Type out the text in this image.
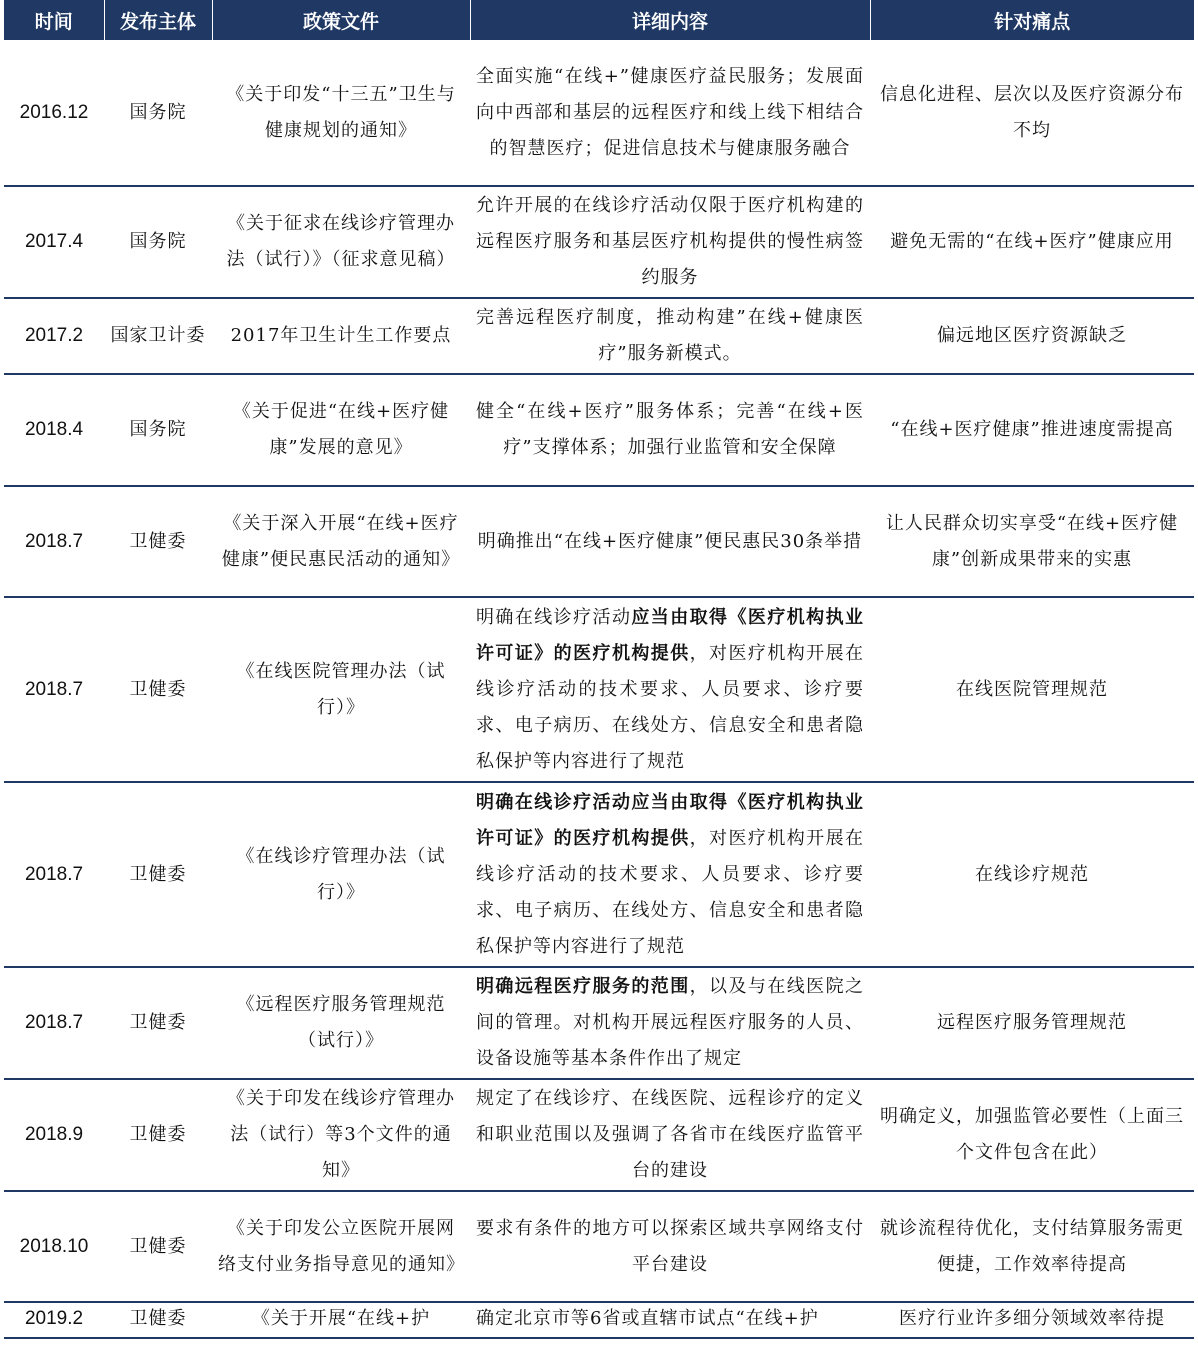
时间	发布主体	政策文件	详细内容	针对痛点
2016.12	国务院	《关于印发“十三五”卫生与健康规划的通知》	全面实施“在线+”健康医疗益民服务；发展面向中西部和基层的远程医疗和线上线下相结合的智慧医疗；促进信息技术与健康服务融合	信息化进程、层次以及医疗资源分布不均
2017.4	国务院	《关于征求在线诊疗管理办法（试行）》（征求意见稿）	允许开展的在线诊疗活动仅限于医疗机构建的远程医疗服务和基层医疗机构提供的慢性病签约服务	避免无需的“在线+医疗”健康应用
2017.2	国家卫计委	2017年卫生计生工作要点	完善远程医疗制度，推动构建”在线+健康医疗”服务新模式。	偏远地区医疗资源缺乏
2018.4	国务院	《关于促进“在线+医疗健康”发展的意见》	健全“在线+医疗”服务体系；完善“在线+医疗”支撑体系；加强行业监管和安全保障	“在线+医疗健康”推进速度需提高
2018.7	卫健委	《关于深入开展“在线+医疗健康”便民惠民活动的通知》	明确推出“在线+医疗健康”便民惠民30条举措	让人民群众切实享受“在线+医疗健康”创新成果带来的实惠
2018.7	卫健委	《在线医院管理办法（试行）》	明确在线诊疗活动应当由取得《医疗机构执业许可证》的医疗机构提供，对医疗机构开展在线诊疗活动的技术要求、人员要求、诊疗要求、电子病历、在线处方、信息安全和患者隐私保护等内容进行了规范	在线医院管理规范
2018.7	卫健委	《在线诊疗管理办法（试行）》	明确在线诊疗活动应当由取得《医疗机构执业许可证》的医疗机构提供，对医疗机构开展在线诊疗活动的技术要求、人员要求、诊疗要求、电子病历、在线处方、信息安全和患者隐私保护等内容进行了规范	在线诊疗规范
2018.7	卫健委	《远程医疗服务管理规范（试行）》	明确远程医疗服务的范围，以及与在线医院之间的管理。对机构开展远程医疗服务的人员、设备设施等基本条件作出了规定	远程医疗服务管理规范
2018.9	卫健委	《关于印发在线诊疗管理办法（试行）等3个文件的通知》	规定了在线诊疗、在线医院、远程诊疗的定义和职业范围以及强调了各省市在线医疗监管平台的建设	明确定义，加强监管必要性（上面三个文件包含在此）
2018.10	卫健委	《关于印发公立医院开展网络支付业务指导意见的通知》	要求有条件的地方可以探索区域共享网络支付平台建设	就诊流程待优化，支付结算服务需更便捷，工作效率待提高
2019.2	卫健委	《关于开展“在线+护	确定北京市等6省或直辖市试点“在线+护	医疗行业许多细分领域效率待提
